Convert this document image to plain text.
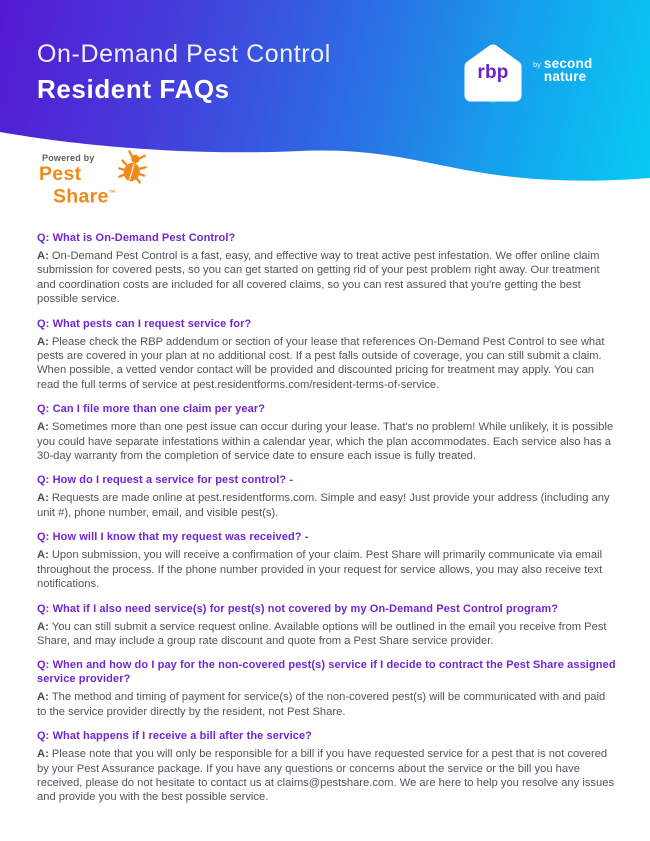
On-Demand Pest Control
Resident FAQs
rbp	by second
nature
Powered by
Pest
Share™

Q: What is On-Demand Pest Control?

A: On-Demand Pest Control is a fast, easy, and effective way to treat active pest infestation. We offer online claim submission for covered pests, so you can get started on getting rid of your pest problem right away. Our treatment and coordination costs are included for all covered claims, so you can rest assured that you're getting the best possible service.

Q: What pests can I request service for?

A: Please check the RBP addendum or section of your lease that references On-Demand Pest Control to see what pests are covered in your plan at no additional cost. If a pest falls outside of coverage, you can still submit a claim. When possible, a vetted vendor contact will be provided and discounted pricing for treatment may apply. You can read the full terms of service at pest.residentforms.com/resident-terms-of-service.

Q: Can I file more than one claim per year?

A: Sometimes more than one pest issue can occur during your lease. That's no problem! While unlikely, it is possible you could have separate infestations within a calendar year, which the plan accommodates. Each service also has a 30-day warranty from the completion of service date to ensure each issue is fully treated.

Q: How do I request a service for pest control? -

A: Requests are made online at pest.residentforms.com. Simple and easy! Just provide your address (including any unit #), phone number, email, and visible pest(s).

Q: How will I know that my request was received? -

A: Upon submission, you will receive a confirmation of your claim. Pest Share will primarily communicate via email throughout the process. If the phone number provided in your request for service allows, you may also receive text notifications.

Q: What if I also need service(s) for pest(s) not covered by my On-Demand Pest Control program?

A: You can still submit a service request online. Available options will be outlined in the email you receive from Pest Share, and may include a group rate discount and quote from a Pest Share service provider.

Q: When and how do I pay for the non-covered pest(s) service if I decide to contract the Pest Share assigned service provider?

A: The method and timing of payment for service(s) of the non-covered pest(s) will be communicated with and paid to the service provider directly by the resident, not Pest Share.

Q: What happens if I receive a bill after the service?

A: Please note that you will only be responsible for a bill if you have requested service for a pest that is not covered by your Pest Assurance package. If you have any questions or concerns about the service or the bill you have received, please do not hesitate to contact us at claims@pestshare.com. We are here to help you resolve any issues and provide you with the best possible service.
